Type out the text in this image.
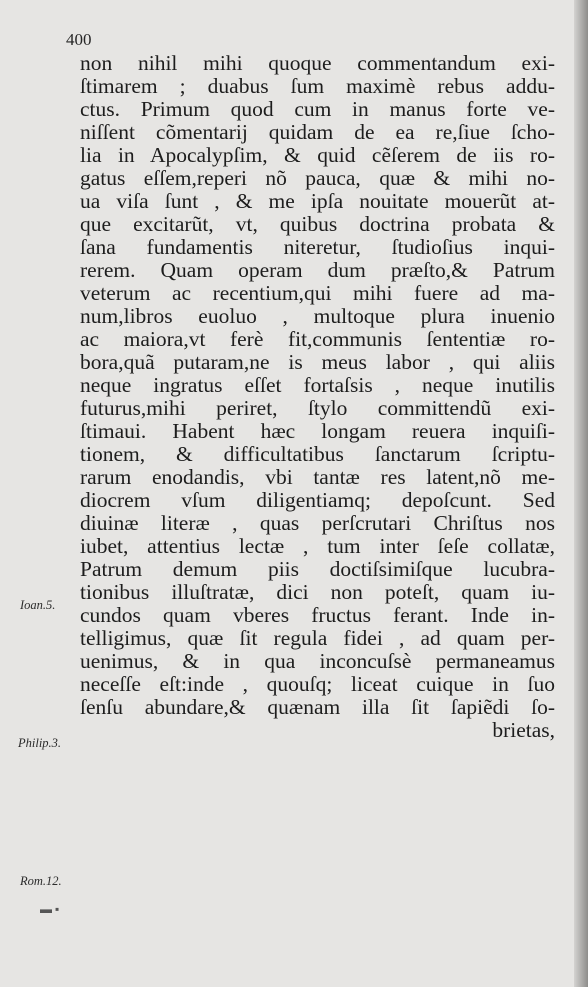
400
non nihil mihi quoque commentandum exi-
ſtimarem ; duabus ſum maximè rebus addu-
ctus. Primum quod cum in manus forte ve-
niſſent cõmentarij quidam de ea re,ſiue ſcho-
lia in Apocalypſim, & quid cẽſerem de iis ro-
gatus eſſem,reperi nõ pauca, quæ & mihi no-
ua viſa ſunt , & me ipſa nouitate mouerũt at-
que excitarũt, vt, quibus doctrina probata &
ſana fundamentis niteretur, ſtudioſius inqui-
rerem. Quam operam dum præſto,& Patrum
veterum ac recentium,qui mihi fuere ad ma-
num,libros euoluo , multoque plura inuenio
ac maiora,vt ferè fit,communis ſententiæ ro-
bora,quã putaram,ne is meus labor , qui aliis
neque ingratus eſſet fortaſsis , neque inutilis
futurus,mihi periret, ſtylo committendũ exi-
ſtimaui. Habent hæc longam reuera inquiſi-
tionem, & difficultatibus ſanctarum ſcriptu-
rarum enodandis, vbi tantæ res latent,nõ me-
diocrem vſum diligentiamq; depoſcunt. Sed
diuinæ literæ , quas perſcrutari Chriſtus nos
iubet, attentius lectæ , tum inter ſeſe collatæ,
Patrum demum piis doctiſsimiſque lucubra-
tionibus illuſtratæ, dici non poteſt, quam iu-
cundos quam vberes fructus ferant. Inde in-
telligimus, quæ ſit regula fidei , ad quam per-
uenimus, & in qua inconcuſsè permaneamus
neceſſe eſt:inde , quouſq; liceat cuique in ſuo
ſenſu abundare,& quænam illa ſit ſapiẽdi ſo-
brietas,
Ioan.5.
Philip.3.
Rom.12.
▬ ▪
